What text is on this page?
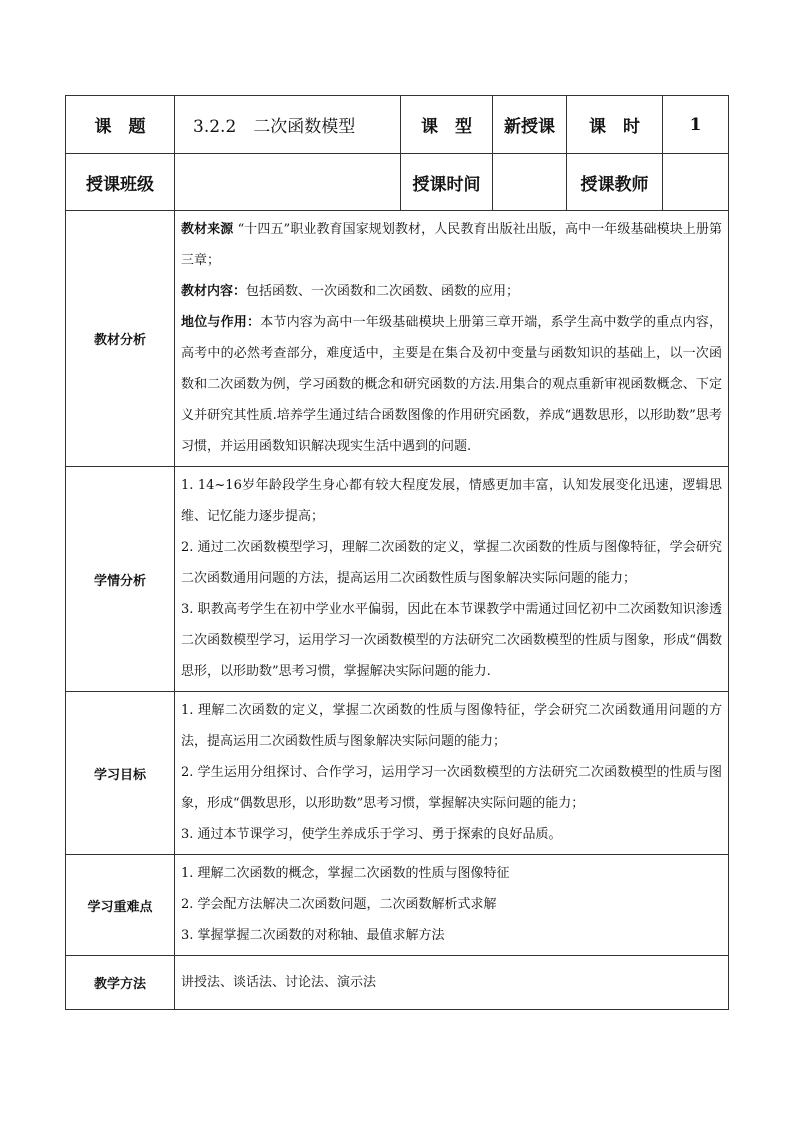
课　题	3.2.2　二次函数模型	课　型	新授课	课　时	1
授课班级		授课时间		授课教师	
教材分析	教材来源 “十四五”职业教育国家规划教材，人民教育出版社出版，高中一年级基础模块上册第三章；

教材内容：包括函数、一次函数和二次函数、函数的应用；

地位与作用：本节内容为高中一年级基础模块上册第三章开端，系学生高中数学的重点内容，高考中的必然考查部分，难度适中，主要是在集合及初中变量与函数知识的基础上，以一次函数和二次函数为例，学习函数的概念和研究函数的方法.用集合的观点重新审视函数概念、下定义并研究其性质.培养学生通过结合函数图像的作用研究函数，养成“遇数思形，以形助数”思考习惯，并运用函数知识解决现实生活中遇到的问题.				

学情分析	1. 14~16岁年龄段学生身心都有较大程度发展，情感更加丰富，认知发展变化迅速，逻辑思维、记忆能力逐步提高；

2. 通过二次函数模型学习，理解二次函数的定义，掌握二次函数的性质与图像特征，学会研究二次函数通用问题的方法，提高运用二次函数性质与图象解决实际问题的能力；

3. 职教高考学生在初中学业水平偏弱，因此在本节课教学中需通过回忆初中二次函数知识渗透二次函数模型学习，运用学习一次函数模型的方法研究二次函数模型的性质与图象，形成“偶数思形，以形助数”思考习惯，掌握解决实际问题的能力.				

学习目标	1. 理解二次函数的定义，掌握二次函数的性质与图像特征，学会研究二次函数通用问题的方法，提高运用二次函数性质与图象解决实际问题的能力；

2. 学生运用分组探讨、合作学习，运用学习一次函数模型的方法研究二次函数模型的性质与图象，形成“偶数思形，以形助数”思考习惯，掌握解决实际问题的能力；

3. 通过本节课学习，使学生养成乐于学习、勇于探索的良好品质。				

学习重难点	1. 理解二次函数的概念，掌握二次函数的性质与图像特征

2. 学会配方法解决二次函数问题，二次函数解析式求解

3. 掌握掌握二次函数的对称轴、最值求解方法				

教学方法	讲授法、谈话法、讨论法、演示法				
